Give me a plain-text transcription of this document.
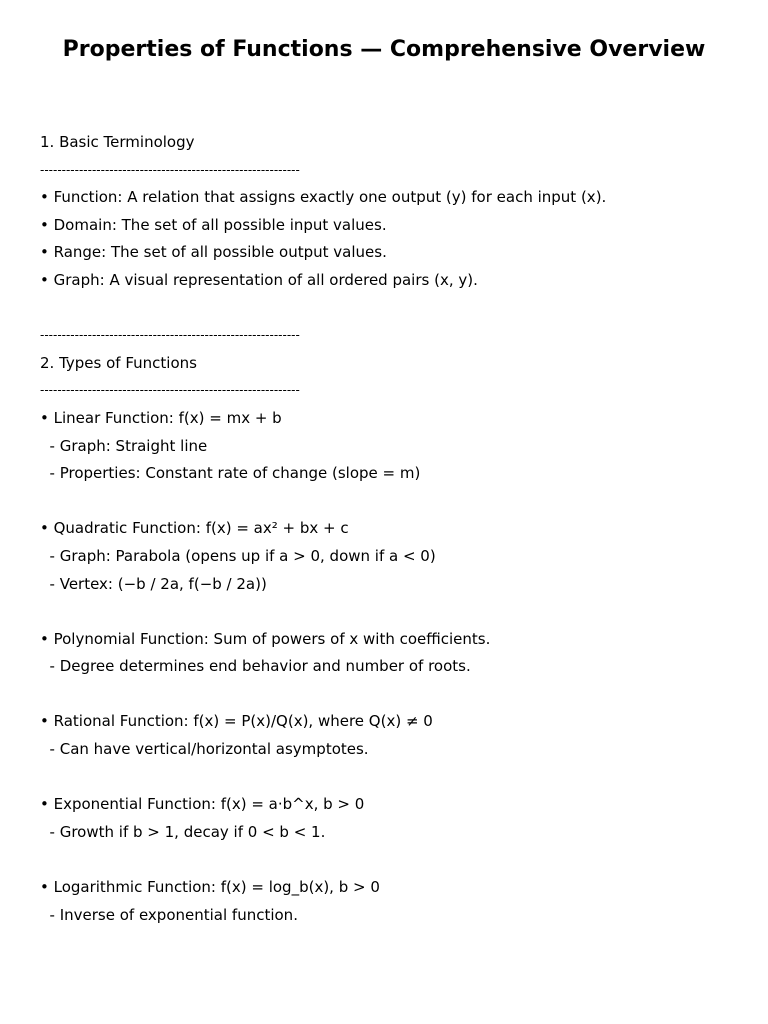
Properties of Functions — Comprehensive Overview
1. Basic Terminology
------------------------------------------------------------
• Function: A relation that assigns exactly one output (y) for each input (x).
• Domain: The set of all possible input values.
• Range: The set of all possible output values.
• Graph: A visual representation of all ordered pairs (x, y).
------------------------------------------------------------
2. Types of Functions
------------------------------------------------------------
• Linear Function: f(x) = mx + b
- Graph: Straight line
- Properties: Constant rate of change (slope = m)
• Quadratic Function: f(x) = ax² + bx + c
- Graph: Parabola (opens up if a > 0, down if a < 0)
- Vertex: (−b / 2a, f(−b / 2a))
• Polynomial Function: Sum of powers of x with coefficients.
- Degree determines end behavior and number of roots.
• Rational Function: f(x) = P(x)/Q(x), where Q(x) ≠ 0
- Can have vertical/horizontal asymptotes.
• Exponential Function: f(x) = a·b^x, b > 0
- Growth if b > 1, decay if 0 < b < 1.
• Logarithmic Function: f(x) = log_b(x), b > 0
- Inverse of exponential function.
